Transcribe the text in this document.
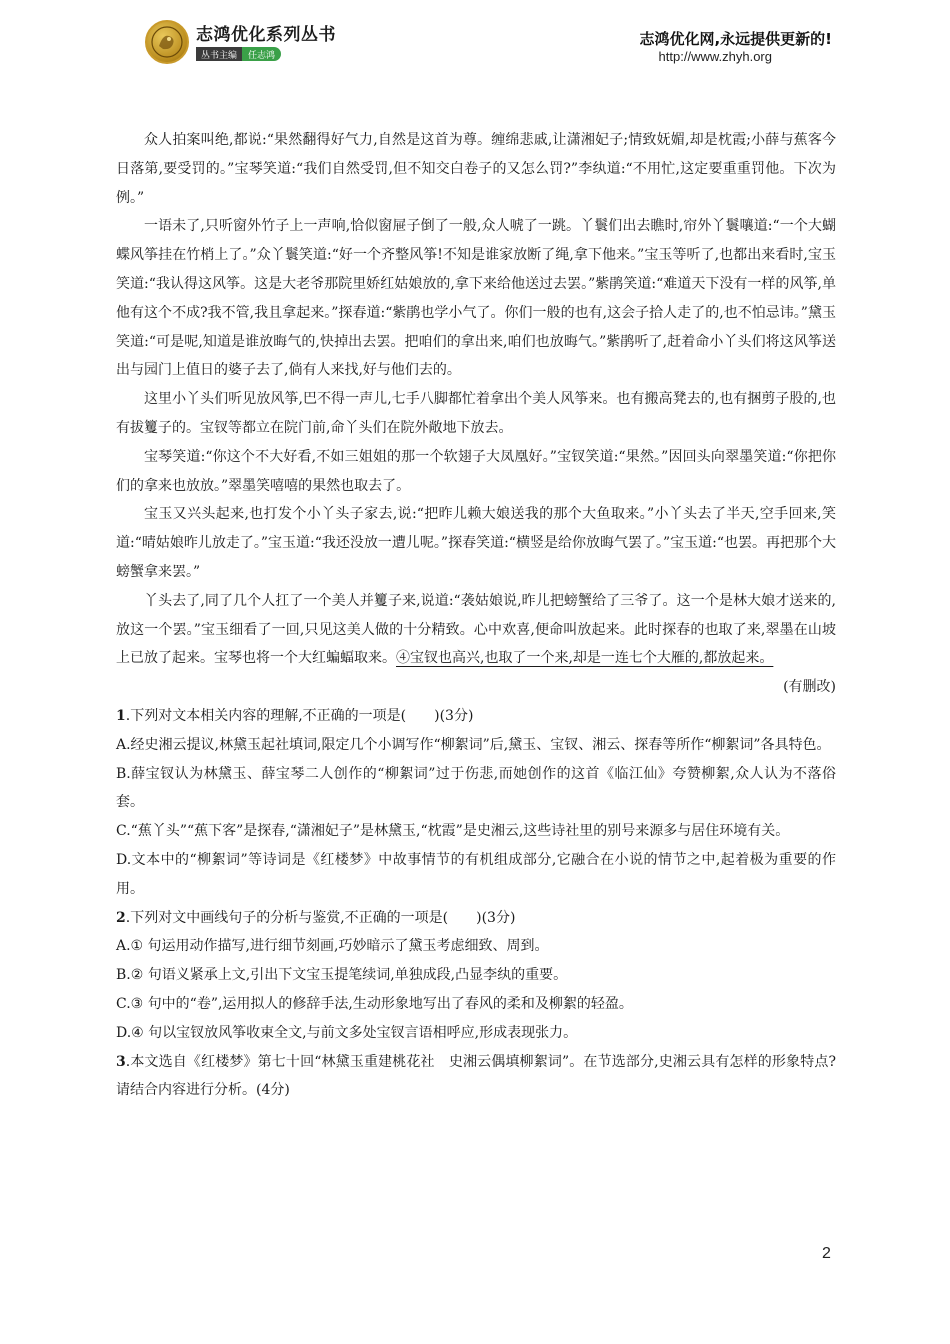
志鸿优化系列丛书
丛书主编	任志鸿
志鸿优化网,永远提供更新的!
http://www.zhyh.org

众人拍案叫绝,都说:“果然翻得好气力,自然是这首为尊。缠绵悲戚,让潇湘妃子;情致妩媚,却是枕霞;小薛与蕉客今日落第,要受罚的。”宝琴笑道:“我们自然受罚,但不知交白卷子的又怎么罚?”李纨道:“不用忙,这定要重重罚他。下次为例。”

一语未了,只听窗外竹子上一声响,恰似窗屉子倒了一般,众人唬了一跳。丫鬟们出去瞧时,帘外丫鬟嚷道:“一个大蝴蝶风筝挂在竹梢上了。”众丫鬟笑道:“好一个齐整风筝!不知是谁家放断了绳,拿下他来。”宝玉等听了,也都出来看时,宝玉笑道:“我认得这风筝。这是大老爷那院里娇红姑娘放的,拿下来给他送过去罢。”紫鹃笑道:“难道天下没有一样的风筝,单他有这个不成?我不管,我且拿起来。”探春道:“紫鹃也学小气了。你们一般的也有,这会子拾人走了的,也不怕忌讳。”黛玉笑道:“可是呢,知道是谁放晦气的,快掉出去罢。把咱们的拿出来,咱们也放晦气。”紫鹃听了,赶着命小丫头们将这风筝送出与园门上值日的婆子去了,倘有人来找,好与他们去的。

这里小丫头们听见放风筝,巴不得一声儿,七手八脚都忙着拿出个美人风筝来。也有搬高凳去的,也有捆剪子股的,也有拔籰子的。宝钗等都立在院门前,命丫头们在院外敞地下放去。

宝琴笑道:“你这个不大好看,不如三姐姐的那一个软翅子大凤凰好。”宝钗笑道:“果然。”因回头向翠墨笑道:“你把你们的拿来也放放。”翠墨笑嘻嘻的果然也取去了。

宝玉又兴头起来,也打发个小丫头子家去,说:“把昨儿赖大娘送我的那个大鱼取来。”小丫头去了半天,空手回来,笑道:“晴姑娘昨儿放走了。”宝玉道:“我还没放一遭儿呢。”探春笑道:“横竖是给你放晦气罢了。”宝玉道:“也罢。再把那个大螃蟹拿来罢。”

丫头去了,同了几个人扛了一个美人并籰子来,说道:“袭姑娘说,昨儿把螃蟹给了三爷了。这一个是林大娘才送来的,放这一个罢。”宝玉细看了一回,只见这美人做的十分精致。心中欢喜,便命叫放起来。此时探春的也取了来,翠墨在山坡上已放了起来。宝琴也将一个大红蝙蝠取来。④宝钗也高兴,也取了一个来,却是一连七个大雁的,都放起来。

(有删改)

1.下列对文本相关内容的理解,不正确的一项是(　　)(3分)

A.经史湘云提议,林黛玉起社填词,限定几个小调写作“柳絮词”后,黛玉、宝钗、湘云、探春等所作“柳絮词”各具特色。

B.薛宝钗认为林黛玉、薛宝琴二人创作的“柳絮词”过于伤悲,而她创作的这首《临江仙》夸赞柳絮,众人认为不落俗套。

C.“蕉丫头”“蕉下客”是探春,“潇湘妃子”是林黛玉,“枕霞”是史湘云,这些诗社里的别号来源多与居住环境有关。

D.文本中的“柳絮词”等诗词是《红楼梦》中故事情节的有机组成部分,它融合在小说的情节之中,起着极为重要的作用。

2.下列对文中画线句子的分析与鉴赏,不正确的一项是(　　)(3分)

A.① 句运用动作描写,进行细节刻画,巧妙暗示了黛玉考虑细致、周到。

B.② 句语义紧承上文,引出下文宝玉提笔续词,单独成段,凸显李纨的重要。

C.③ 句中的“卷”,运用拟人的修辞手法,生动形象地写出了春风的柔和及柳絮的轻盈。

D.④ 句以宝钗放风筝收束全文,与前文多处宝钗言语相呼应,形成表现张力。

3.本文选自《红楼梦》第七十回“林黛玉重建桃花社　史湘云偶填柳絮词”。在节选部分,史湘云具有怎样的形象特点?请结合内容进行分析。(4分)

2
